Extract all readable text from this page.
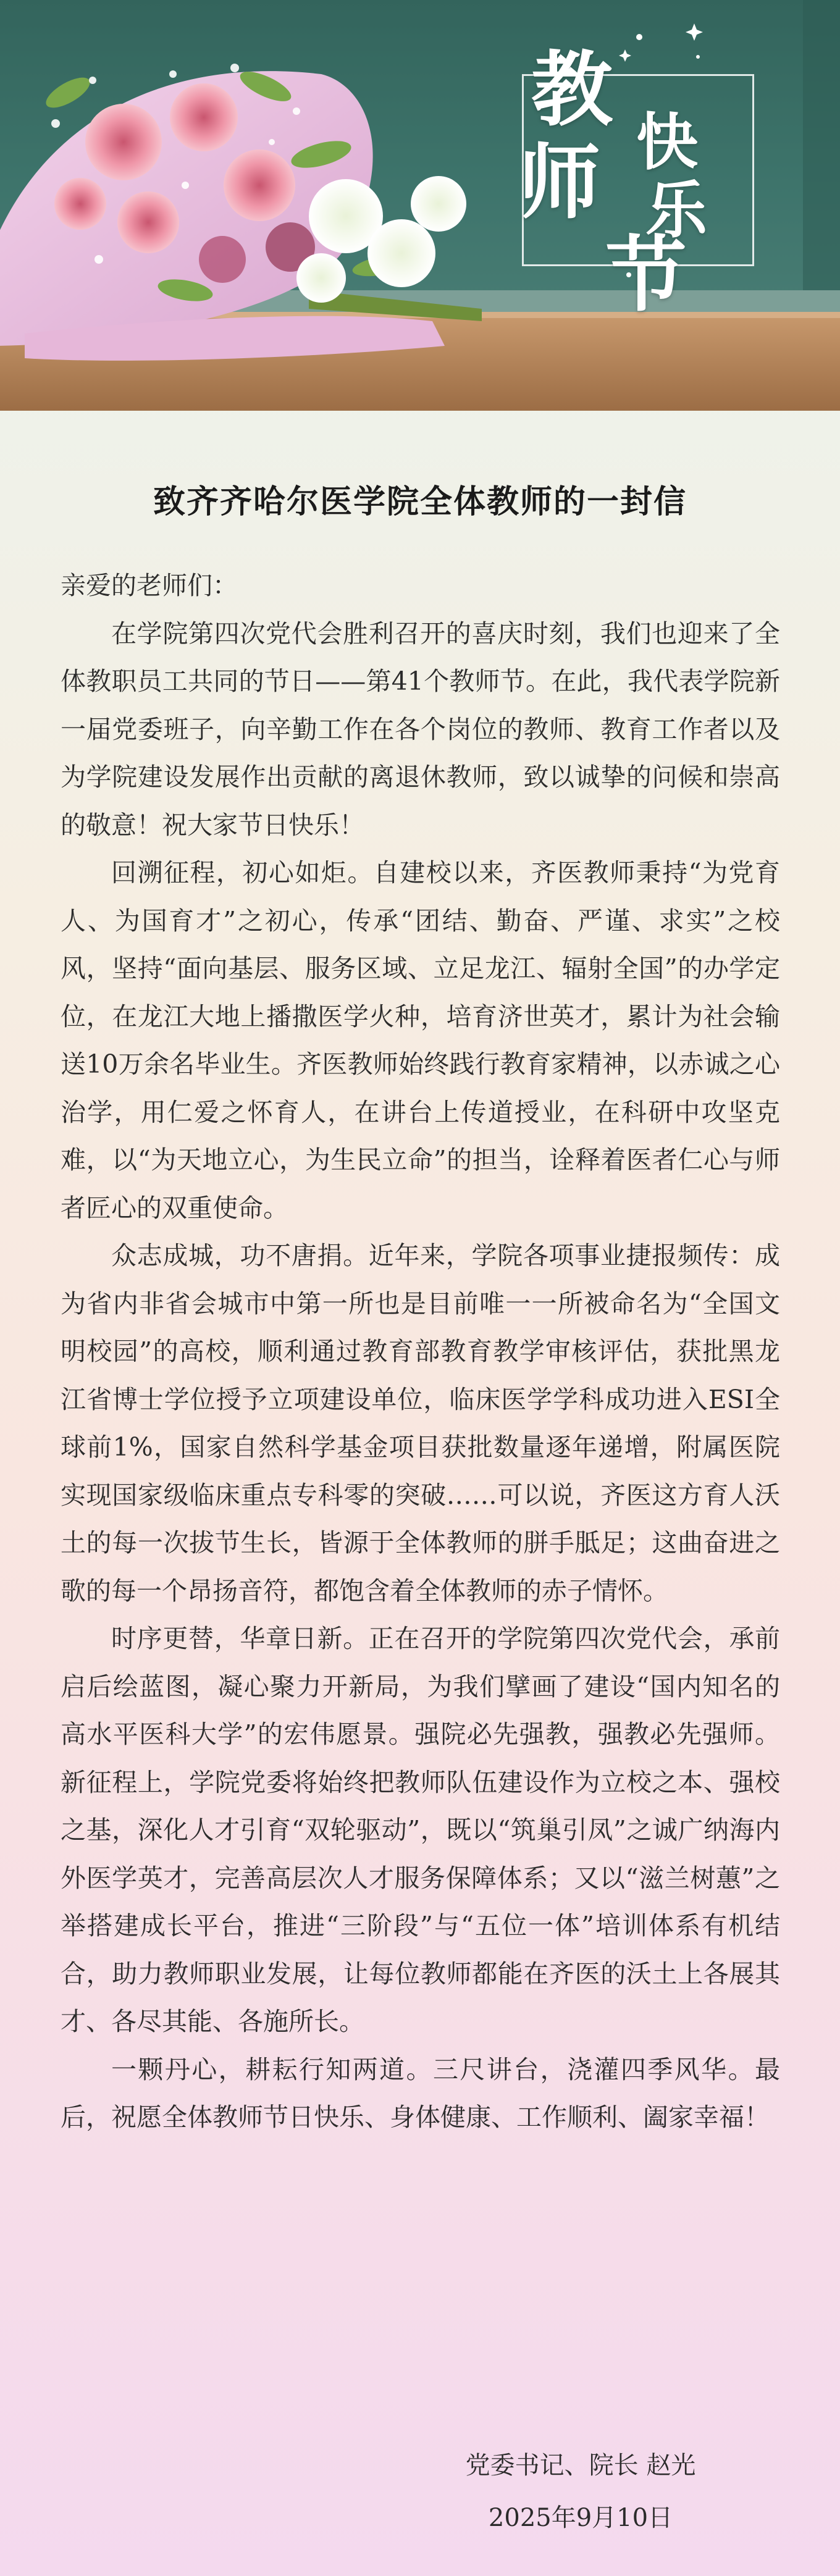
教
师
节
快
乐
致齐齐哈尔医学院全体教师的一封信

亲爱的老师们：

在学院第四次党代会胜利召开的喜庆时刻，我们也迎来了全体教职员工共同的节日——第41个教师节。在此，我代表学院新一届党委班子，向辛勤工作在各个岗位的教师、教育工作者以及为学院建设发展作出贡献的离退休教师，致以诚挚的问候和崇高的敬意！祝大家节日快乐！

回溯征程，初心如炬。自建校以来，齐医教师秉持“为党育人、为国育才”之初心，传承“团结、勤奋、严谨、求实”之校风，坚持“面向基层、服务区域、立足龙江、辐射全国”的办学定位，在龙江大地上播撒医学火种，培育济世英才，累计为社会输送10万余名毕业生。齐医教师始终践行教育家精神，以赤诚之心治学，用仁爱之怀育人，在讲台上传道授业，在科研中攻坚克难，以“为天地立心，为生民立命”的担当，诠释着医者仁心与师者匠心的双重使命。

众志成城，功不唐捐。近年来，学院各项事业捷报频传：成为省内非省会城市中第一所也是目前唯一一所被命名为“全国文明校园”的高校，顺利通过教育部教育教学审核评估，获批黑龙江省博士学位授予立项建设单位，临床医学学科成功进入ESI全球前1%，国家自然科学基金项目获批数量逐年递增，附属医院实现国家级临床重点专科零的突破……可以说，齐医这方育人沃土的每一次拔节生长，皆源于全体教师的胼手胝足；这曲奋进之歌的每一个昂扬音符，都饱含着全体教师的赤子情怀。

时序更替，华章日新。正在召开的学院第四次党代会，承前启后绘蓝图，凝心聚力开新局，为我们擘画了建设“国内知名的高水平医科大学”的宏伟愿景。强院必先强教，强教必先强师。新征程上，学院党委将始终把教师队伍建设作为立校之本、强校之基，深化人才引育“双轮驱动”，既以“筑巢引凤”之诚广纳海内外医学英才，完善高层次人才服务保障体系；又以“滋兰树蕙”之举搭建成长平台，推进“三阶段”与“五位一体”培训体系有机结合，助力教师职业发展，让每位教师都能在齐医的沃土上各展其才、各尽其能、各施所长。

一颗丹心，耕耘行知两道。三尺讲台，浇灌四季风华。最后，祝愿全体教师节日快乐、身体健康、工作顺利、阖家幸福！

党委书记、院长 赵光
2025年9月10日
